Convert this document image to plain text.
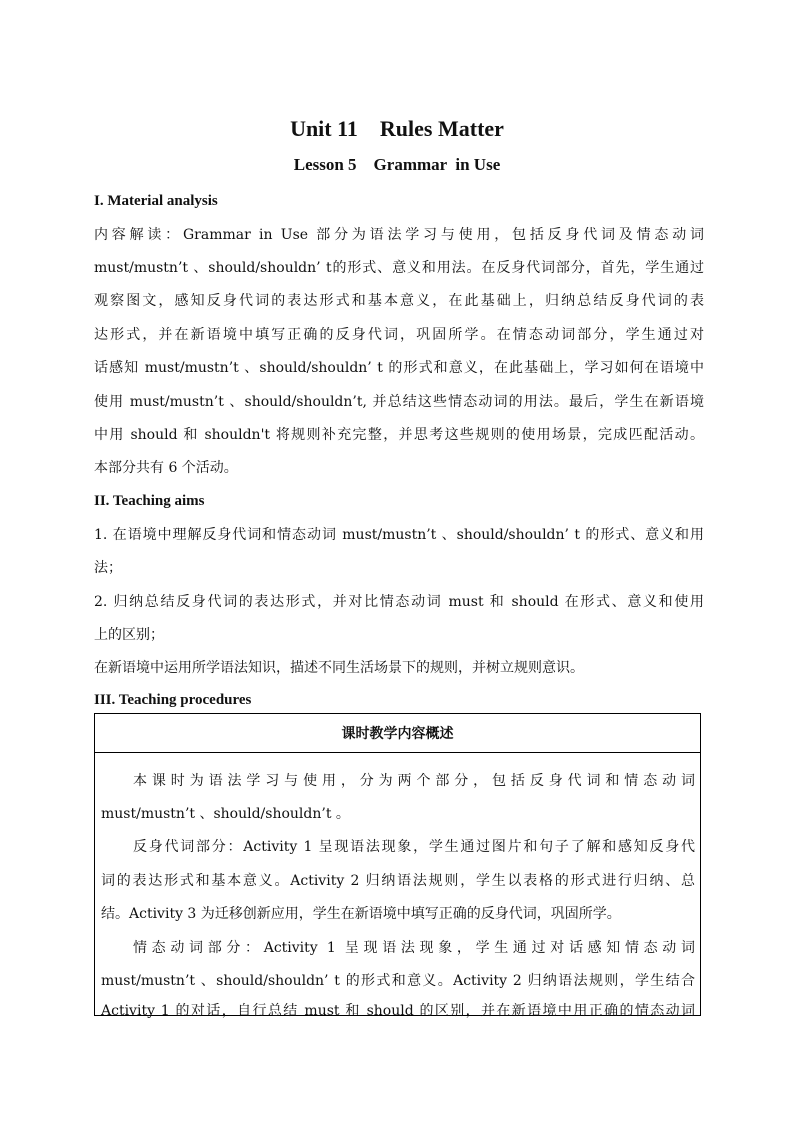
Unit 11    Rules Matter
Lesson 5    Grammar  in Use
I. Material analysis
内容解读：Grammar in Use 部分为语法学习与使用，包括反身代词及情态动词
must/mustn’t 、should/shouldn’ t的形式、意义和用法。在反身代词部分，首先，学生通过
观察图文，感知反身代词的表达形式和基本意义，在此基础上，归纳总结反身代词的表
达形式，并在新语境中填写正确的反身代词，巩固所学。在情态动词部分，学生通过对
话感知 must/mustn’t 、should/shouldn’ t 的形式和意义，在此基础上，学习如何在语境中
使用 must/mustn’t 、should/shouldn’t, 并总结这些情态动词的用法。最后，学生在新语境
中用 should 和 shouldn't 将规则补充完整，并思考这些规则的使用场景，完成匹配活动。
本部分共有 6 个活动。
II. Teaching aims
1. 在语境中理解反身代词和情态动词 must/mustn’t 、should/shouldn’ t 的形式、意义和用
法；
2. 归纳总结反身代词的表达形式，并对比情态动词 must 和 should 在形式、意义和使用
上的区别；
在新语境中运用所学语法知识，描述不同生活场景下的规则，并树立规则意识。
III. Teaching procedures
课时教学内容概述

本课时为语法学习与使用，分为两个部分，包括反身代词和情态动词
must/mustn’t 、should/shouldn’t 。
反身代词部分：Activity 1 呈现语法现象，学生通过图片和句子了解和感知反身代
词的表达形式和基本意义。Activity 2 归纳语法规则，学生以表格的形式进行归纳、总
结。Activity 3 为迁移创新应用，学生在新语境中填写正确的反身代词，巩固所学。
情态动词部分：Activity 1 呈现语法现象，学生通过对话感知情态动词
must/mustn’t 、should/shouldn’ t 的形式和意义。Activity 2 归纳语法规则，学生结合
Activity 1 的对话，自行总结 must 和 should 的区别，并在新语境中用正确的情态动词
